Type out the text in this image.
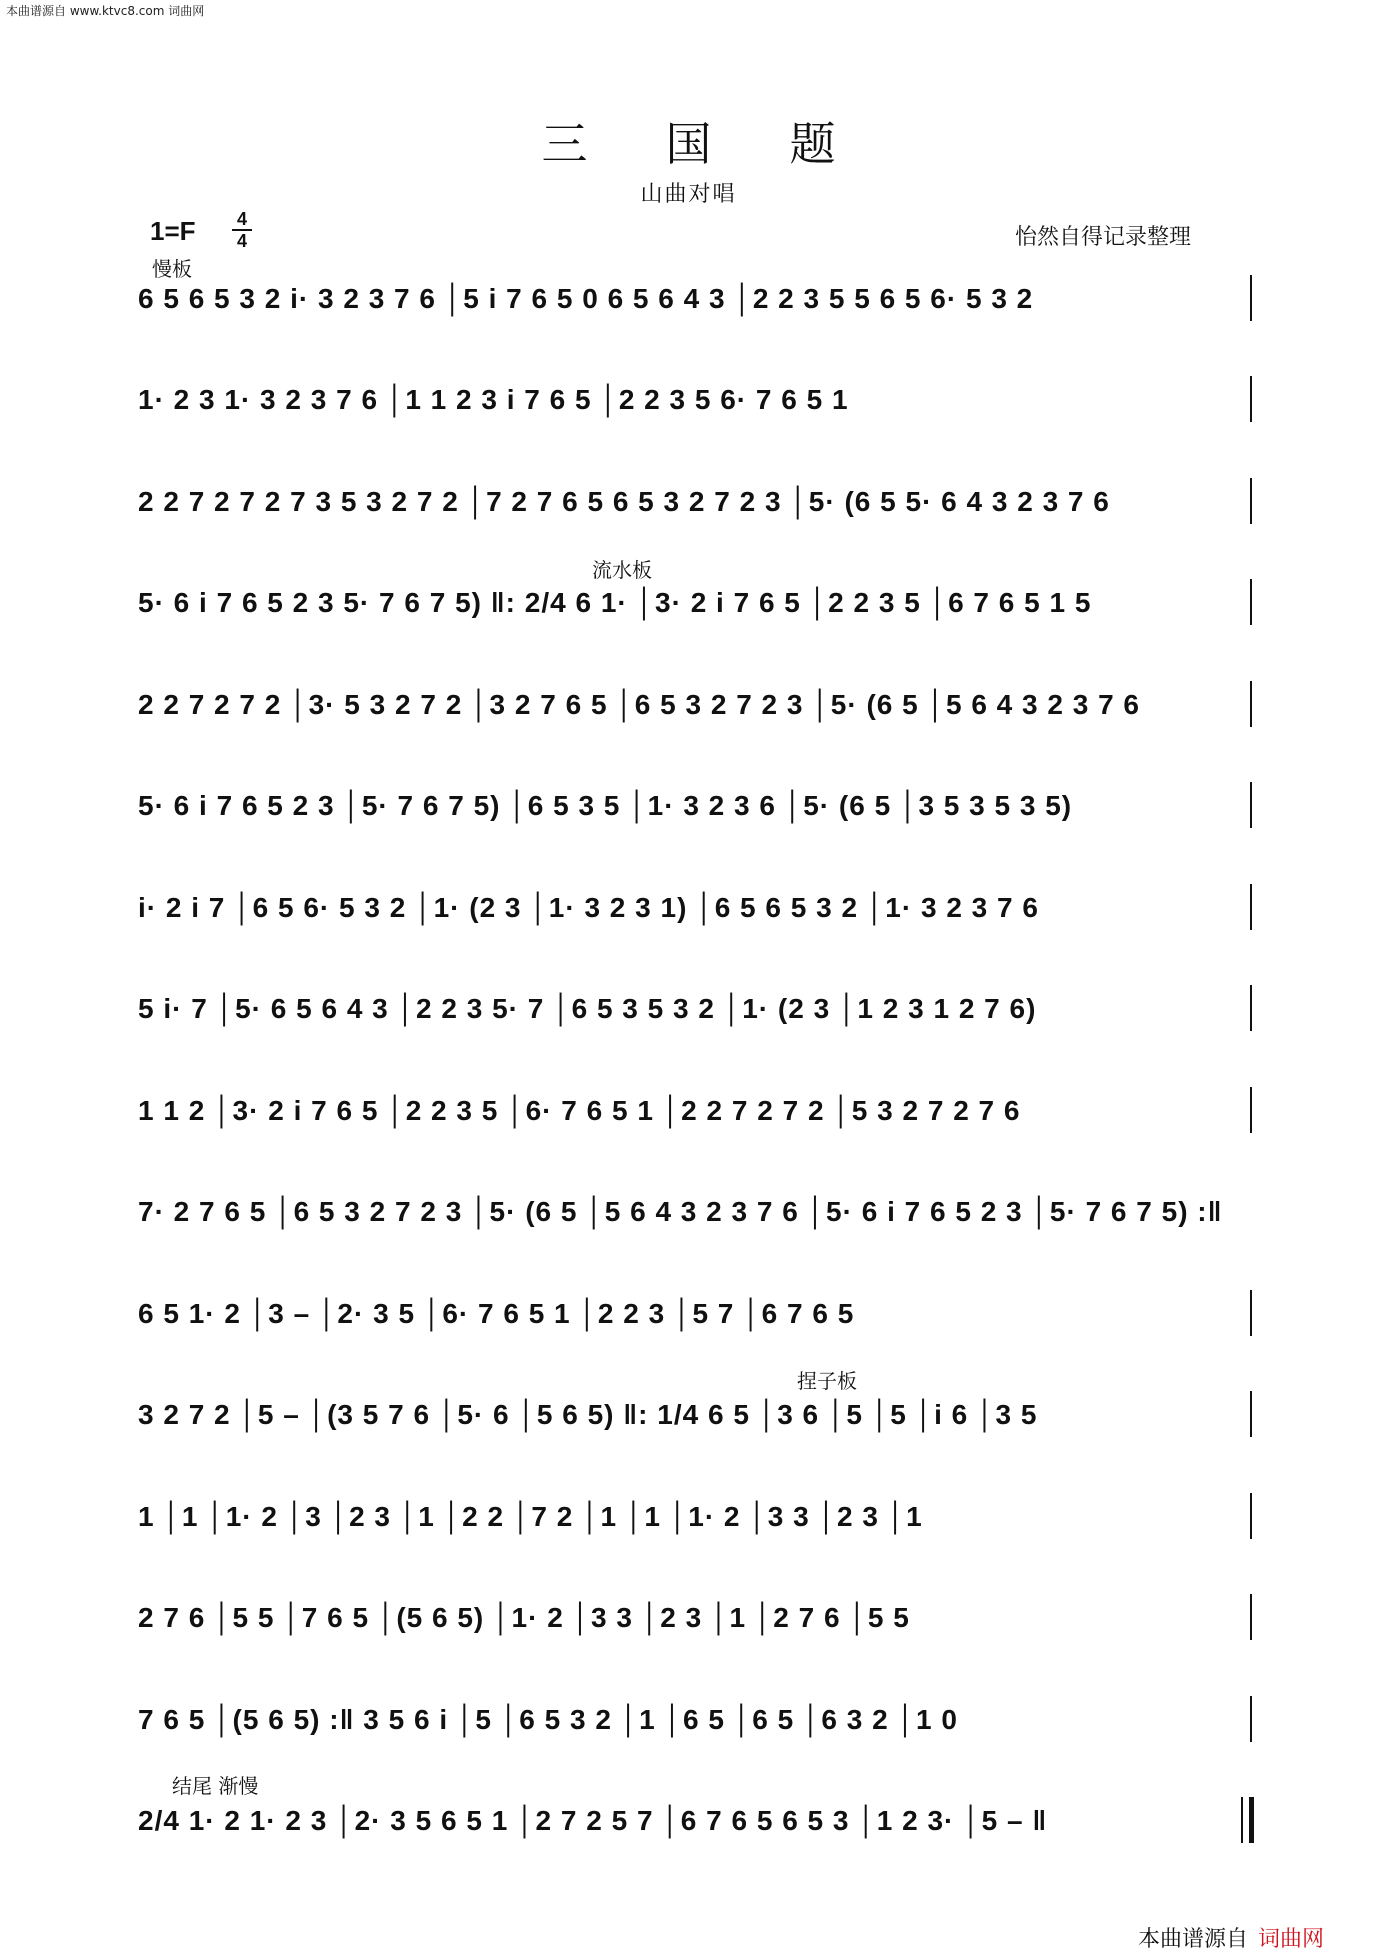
本曲谱源自 www.ktvc8.com 词曲网
三国题
山曲对唱
1=F 4
4	怡然自得记录整理
慢板
流水板
捏子板
结尾 渐慢
6 5 6 5 3 2 i· 3 2 3 7 6 │5 i 7 6 5 0 6 5 6 4 3 │2 2 3 5 5 6 5 6· 5 3 2
1· 2 3 1· 3 2 3 7 6 │1 1 2 3 i 7 6 5 │2 2 3 5 6· 7 6 5 1
2 2 7 2 7 2 7 3 5 3 2 7 2 │7 2 7 6 5 6 5 3 2 7 2 3 │5· (6 5 5· 6 4 3 2 3 7 6
5· 6 i 7 6 5 2 3 5· 7 6 7 5) ‖: 2/4 6 1· │3· 2 i 7 6 5 │2 2 3 5 │6 7 6 5 1 5
2 2 7 2 7 2 │3· 5 3 2 7 2 │3 2 7 6 5 │6 5 3 2 7 2 3 │5· (6 5 │5 6 4 3 2 3 7 6
5· 6 i 7 6 5 2 3 │5· 7 6 7 5) │6 5 3 5 │1· 3 2 3 6 │5· (6 5 │3 5 3 5 3 5)
i· 2 i 7 │6 5 6· 5 3 2 │1· (2 3 │1· 3 2 3 1) │6 5 6 5 3 2 │1· 3 2 3 7 6
5 i· 7 │5· 6 5 6 4 3 │2 2 3 5· 7 │6 5 3 5 3 2 │1· (2 3 │1 2 3 1 2 7 6)
1 1 2 │3· 2 i 7 6 5 │2 2 3 5 │6· 7 6 5 1 │2 2 7 2 7 2 │5 3 2 7 2 7 6
7· 2 7 6 5 │6 5 3 2 7 2 3 │5· (6 5 │5 6 4 3 2 3 7 6 │5· 6 i 7 6 5 2 3 │5· 7 6 7 5) :‖
6 5 1· 2 │3 – │2· 3 5 │6· 7 6 5 1 │2 2 3 │5 7 │6 7 6 5
3 2 7 2 │5 – │(3 5 7 6 │5· 6 │5 6 5) ‖: 1/4 6 5 │3 6 │5 │5 │i 6 │3 5
1 │1 │1· 2 │3 │2 3 │1 │2 2 │7 2 │1 │1 │1· 2 │3 3 │2 3 │1
2 7 6 │5 5 │7 6 5 │(5 6 5) │1· 2 │3 3 │2 3 │1 │2 7 6 │5 5
7 6 5 │(5 6 5) :‖ 3 5 6 i │5 │6 5 3 2 │1 │6 5 │6 5 │6 3 2 │1 0
2/4 1· 2 1· 2 3 │2· 3 5 6 5 1 │2 7 2 5 7 │6 7 6 5 6 5 3 │1 2 3· │5 – ‖
本曲谱源自 词曲网
